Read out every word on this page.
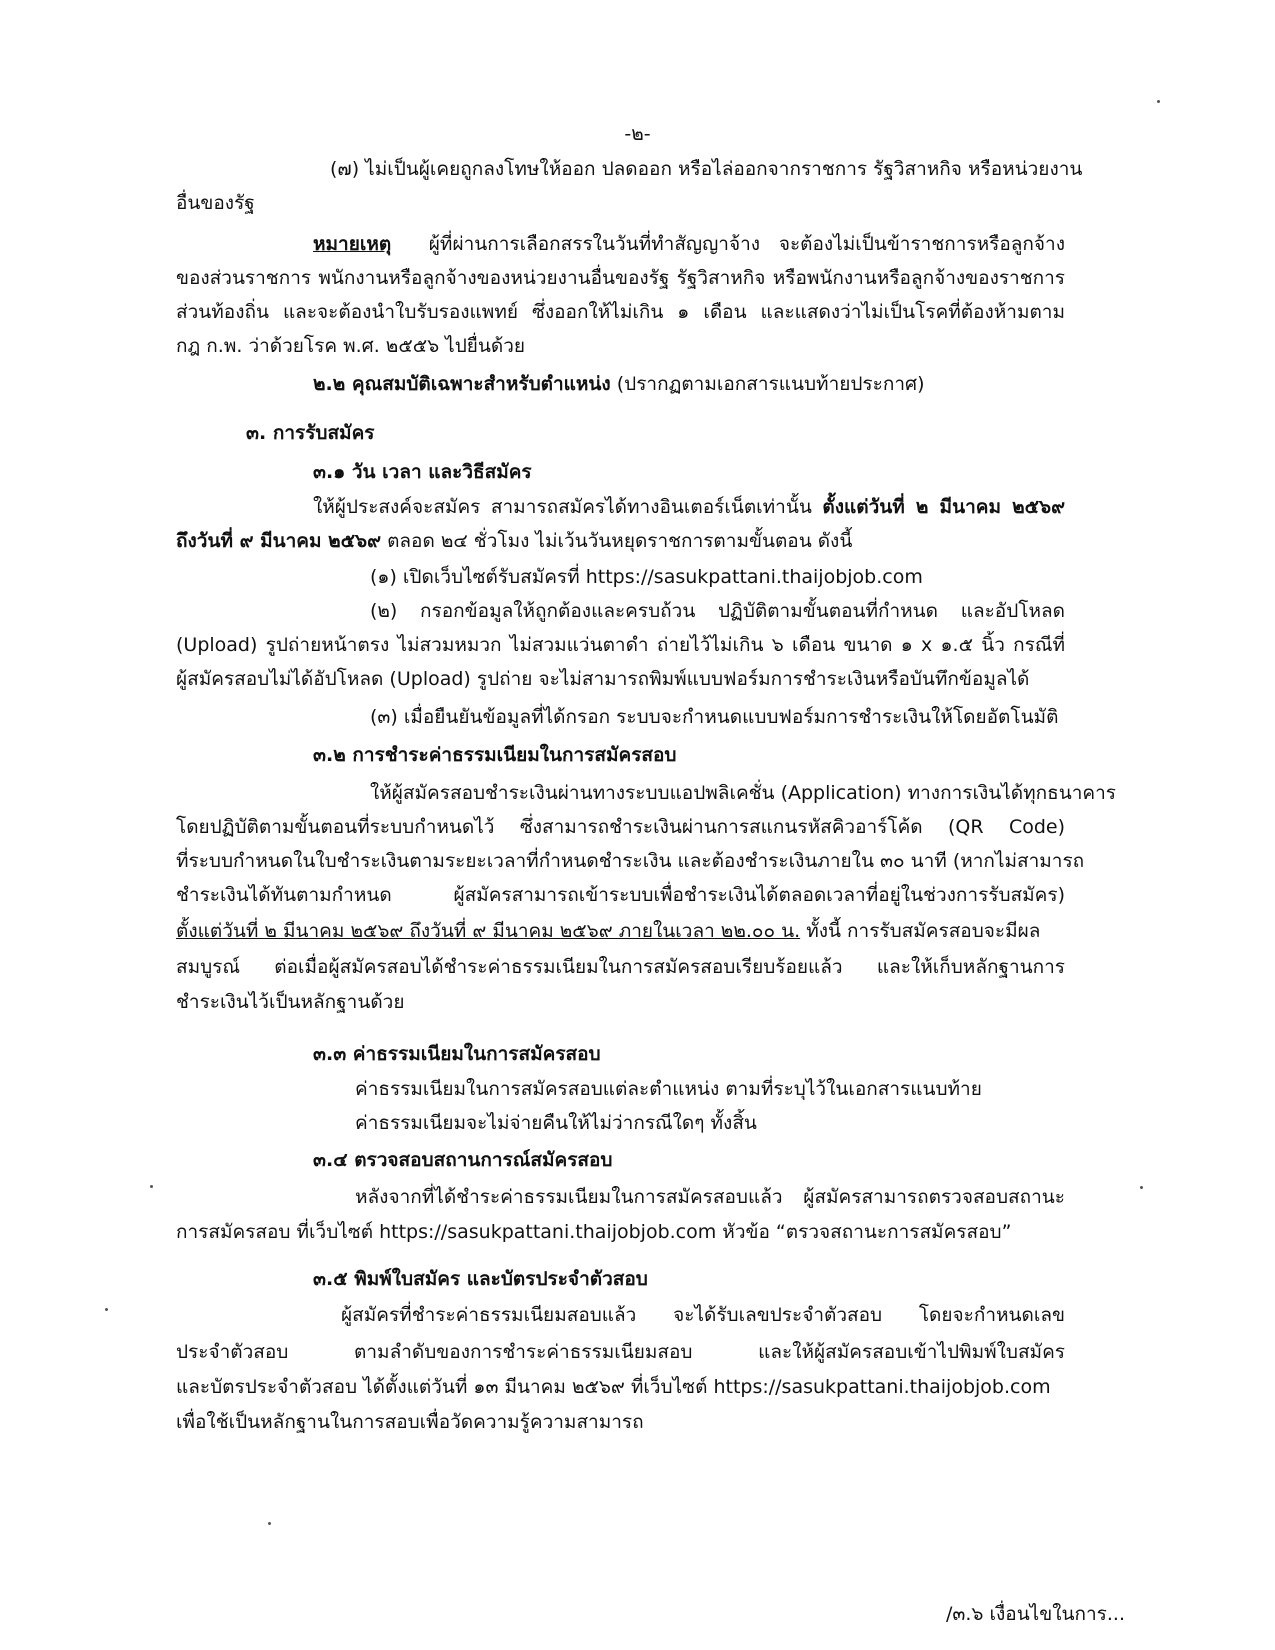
-๒-

(๗) ไม่เป็นผู้เคยถูกลงโทษให้ออก ปลดออก หรือไล่ออกจากราชการ รัฐวิสาหกิจ หรือหน่วยงาน

อื่นของรัฐ

หมายเหตุ ผู้ที่ผ่านการเลือกสรรในวันที่ทำสัญญาจ้าง จะต้องไม่เป็นข้าราชการหรือลูกจ้าง

ของส่วนราชการ พนักงานหรือลูกจ้างของหน่วยงานอื่นของรัฐ รัฐวิสาหกิจ หรือพนักงานหรือลูกจ้างของราชการ

ส่วนท้องถิ่น และจะต้องนำใบรับรองแพทย์ ซึ่งออกให้ไม่เกิน ๑ เดือน และแสดงว่าไม่เป็นโรคที่ต้องห้ามตาม

กฎ ก.พ. ว่าด้วยโรค พ.ศ. ๒๕๕๖ ไปยื่นด้วย

๒.๒ คุณสมบัติเฉพาะสำหรับตำแหน่ง (ปรากฏตามเอกสารแนบท้ายประกาศ)

๓. การรับสมัคร

๓.๑ วัน เวลา และวิธีสมัคร

ให้ผู้ประสงค์จะสมัคร สามารถสมัครได้ทางอินเตอร์เน็ตเท่านั้น ตั้งแต่วันที่ ๒ มีนาคม ๒๕๖๙

ถึงวันที่ ๙ มีนาคม ๒๕๖๙ ตลอด ๒๔ ชั่วโมง ไม่เว้นวันหยุดราชการตามขั้นตอน ดังนี้

(๑) เปิดเว็บไซต์รับสมัครที่ https://sasukpattani.thaijobjob.com

(๒) กรอกข้อมูลให้ถูกต้องและครบถ้วน ปฏิบัติตามขั้นตอนที่กำหนด และอัปโหลด

(Upload) รูปถ่ายหน้าตรง ไม่สวมหมวก ไม่สวมแว่นตาดำ ถ่ายไว้ไม่เกิน ๖ เดือน ขนาด ๑ x ๑.๕ นิ้ว กรณีที่

ผู้สมัครสอบไม่ได้อัปโหลด (Upload) รูปถ่าย จะไม่สามารถพิมพ์แบบฟอร์มการชำระเงินหรือบันทึกข้อมูลได้

(๓) เมื่อยืนยันข้อมูลที่ได้กรอก ระบบจะกำหนดแบบฟอร์มการชำระเงินให้โดยอัตโนมัติ

๓.๒ การชำระค่าธรรมเนียมในการสมัครสอบ

ให้ผู้สมัครสอบชำระเงินผ่านทางระบบแอปพลิเคชั่น (Application) ทางการเงินได้ทุกธนาคาร

โดยปฏิบัติตามขั้นตอนที่ระบบกำหนดไว้ ซึ่งสามารถชำระเงินผ่านการสแกนรหัสคิวอาร์โค้ด (QR Code)

ที่ระบบกำหนดในใบชำระเงินตามระยะเวลาที่กำหนดชำระเงิน และต้องชำระเงินภายใน ๓๐ นาที (หากไม่สามารถ

ชำระเงินได้ทันตามกำหนด ผู้สมัครสามารถเข้าระบบเพื่อชำระเงินได้ตลอดเวลาที่อยู่ในช่วงการรับสมัคร)

ตั้งแต่วันที่ ๒ มีนาคม ๒๕๖๙ ถึงวันที่ ๙ มีนาคม ๒๕๖๙ ภายในเวลา ๒๒.๐๐ น. ทั้งนี้ การรับสมัครสอบจะมีผล

สมบูรณ์ ต่อเมื่อผู้สมัครสอบได้ชำระค่าธรรมเนียมในการสมัครสอบเรียบร้อยแล้ว และให้เก็บหลักฐานการ

ชำระเงินไว้เป็นหลักฐานด้วย

๓.๓ ค่าธรรมเนียมในการสมัครสอบ

ค่าธรรมเนียมในการสมัครสอบแต่ละตำแหน่ง ตามที่ระบุไว้ในเอกสารแนบท้าย

ค่าธรรมเนียมจะไม่จ่ายคืนให้ไม่ว่ากรณีใดๆ ทั้งสิ้น

๓.๔ ตรวจสอบสถานการณ์สมัครสอบ

หลังจากที่ได้ชำระค่าธรรมเนียมในการสมัครสอบแล้ว ผู้สมัครสามารถตรวจสอบสถานะ

การสมัครสอบ ที่เว็บไซต์ https://sasukpattani.thaijobjob.com หัวข้อ “ตรวจสถานะการสมัครสอบ”

๓.๕ พิมพ์ใบสมัคร และบัตรประจำตัวสอบ

ผู้สมัครที่ชำระค่าธรรมเนียมสอบแล้ว จะได้รับเลขประจำตัวสอบ โดยจะกำหนดเลข

ประจำตัวสอบ ตามลำดับของการชำระค่าธรรมเนียมสอบ และให้ผู้สมัครสอบเข้าไปพิมพ์ใบสมัคร

และบัตรประจำตัวสอบ ได้ตั้งแต่วันที่ ๑๓ มีนาคม ๒๕๖๙ ที่เว็บไซต์ https://sasukpattani.thaijobjob.com

เพื่อใช้เป็นหลักฐานในการสอบเพื่อวัดความรู้ความสามารถ

/๓.๖ เงื่อนไขในการ...
